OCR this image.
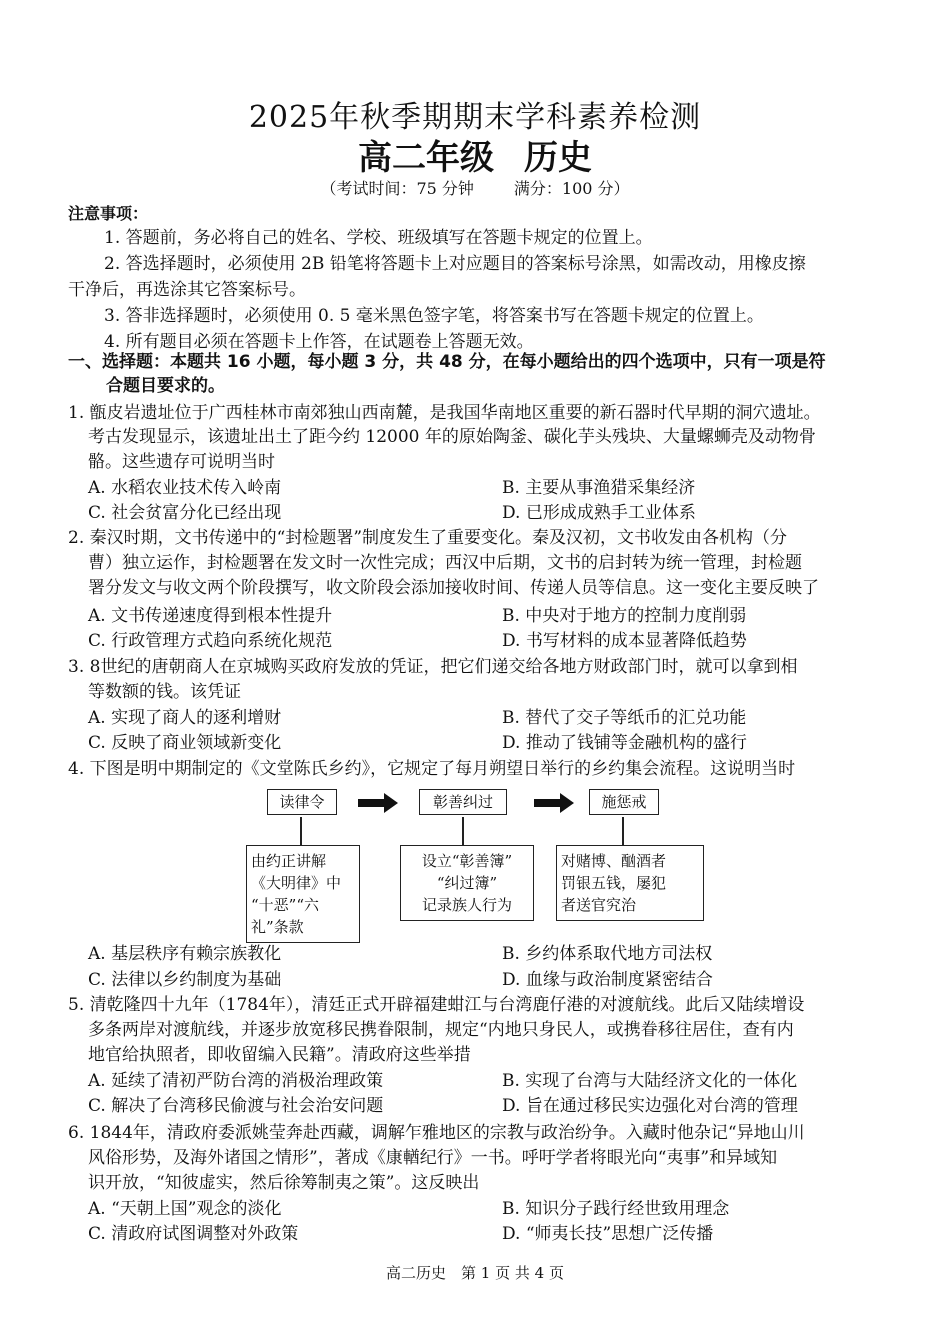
2025年秋季期期末学科素养检测
高二年级 历史
（考试时间：75 分钟	满分：100 分）
注意事项：
1. 答题前，务必将自己的姓名、学校、班级填写在答题卡规定的位置上。
2. 答选择题时，必须使用 2B 铅笔将答题卡上对应题目的答案标号涂黑，如需改动，用橡皮擦
干净后，再选涂其它答案标号。
3. 答非选择题时，必须使用 0. 5 毫米黑色签字笔，将答案书写在答题卡规定的位置上。
4. 所有题目必须在答题卡上作答，在试题卷上答题无效。
一、选择题：本题共 16 小题，每小题 3 分，共 48 分，在每小题给出的四个选项中，只有一项是符
合题目要求的。
1. 甑皮岩遗址位于广西桂林市南郊独山西南麓，是我国华南地区重要的新石器时代早期的洞穴遗址。
考古发现显示，该遗址出土了距今约 12000 年的原始陶釜、碳化芋头残块、大量螺蛳壳及动物骨
骼。这些遗存可说明当时
A. 水稻农业技术传入岭南	B. 主要从事渔猎采集经济
C. 社会贫富分化已经出现	D. 已形成成熟手工业体系
2. 秦汉时期，文书传递中的“封检题署”制度发生了重要变化。秦及汉初，文书收发由各机构（分
曹）独立运作，封检题署在发文时一次性完成；西汉中后期，文书的启封转为统一管理，封检题
署分发文与收文两个阶段撰写，收文阶段会添加接收时间、传递人员等信息。这一变化主要反映了
A. 文书传递速度得到根本性提升	B. 中央对于地方的控制力度削弱
C. 行政管理方式趋向系统化规范	D. 书写材料的成本显著降低趋势
3. 8世纪的唐朝商人在京城购买政府发放的凭证，把它们递交给各地方财政部门时，就可以拿到相
等数额的钱。该凭证
A. 实现了商人的逐利增财	B. 替代了交子等纸币的汇兑功能
C. 反映了商业领域新变化	D. 推动了钱铺等金融机构的盛行
4. 下图是明中期制定的《文堂陈氏乡约》，它规定了每月朔望日举行的乡约集会流程。这说明当时
读律令	彰善纠过	施惩戒
由约正讲解
《大明律》中
“十恶”“六
礼”条款
设立“彰善簿”
“纠过簿”
记录族人行为
对赌博、酗酒者
罚银五钱，屡犯
者送官究治
A. 基层秩序有赖宗族教化	B. 乡约体系取代地方司法权
C. 法律以乡约制度为基础	D. 血缘与政治制度紧密结合
5. 清乾隆四十九年（1784年），清廷正式开辟福建蚶江与台湾鹿仔港的对渡航线。此后又陆续增设
多条两岸对渡航线，并逐步放宽移民携眷限制，规定“内地只身民人，或携眷移往居住，查有内
地官给执照者，即收留编入民籍”。清政府这些举措
A. 延续了清初严防台湾的消极治理政策	B. 实现了台湾与大陆经济文化的一体化
C. 解决了台湾移民偷渡与社会治安问题	D. 旨在通过移民实边强化对台湾的管理
6. 1844年，清政府委派姚莹奔赴西藏，调解乍雅地区的宗教与政治纷争。入藏时他杂记“异地山川
风俗形势，及海外诸国之情形”，著成《康輶纪行》一书。呼吁学者将眼光向“夷事”和异域知
识开放，“知彼虚实，然后徐筹制夷之策”。这反映出
A. “天朝上国”观念的淡化	B. 知识分子践行经世致用理念
C. 清政府试图调整对外政策	D. “师夷长技”思想广泛传播
高二历史　第 1 页 共 4 页
